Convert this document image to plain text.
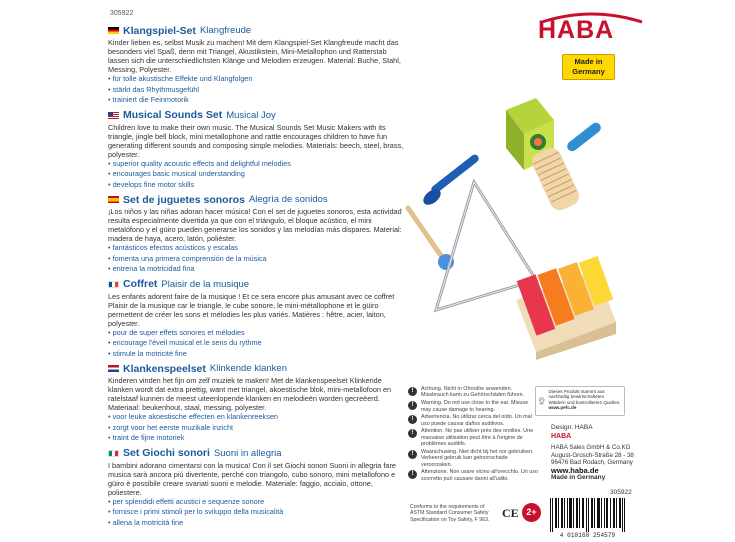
305922
Klangspiel-Set Klangfreude
Kinder lieben es, selbst Musik zu machen! Mit dem Klangspiel-Set Klangfreude macht das besonders viel Spaß, denn mit Triangel, Akustikstein, Mini-Metallophon und Ratterstab lassen sich die unterschiedlichsten Klänge und Melodien erzeugen. Material: Buche, Stahl, Messing, Polyester.
• für tolle akustische Effekte und Klangfolgen
• stärkt das Rhythmusgefühl
• trainiert die Feinmotorik
Musical Sounds Set Musical Joy
Children love to make their own music. The Musical Sounds Set Music Makers with its triangle, jingle bell block, mini metallophone and rattle encourages children to have fun generating different sounds and composing simple melodies. Materials: beech, steel, brass, polyester.
• superior quality acoustic effects and delightful melodies
• encourages basic musical understanding
• develops fine motor skills
Set de juguetes sonoros Alegría de sonidos
¡Los niños y las niñas adoran hacer música! Con el set de juguetes sonoros, esta actividad resulta especialmente divertida ya que con el triángulo, el bloque acústico, el mini metalófono y el güiro pueden generarse los sonidos y las melodías más dispares. Material: madera de haya, acero, latón, poliéster.
• fantásticos efectos acústicos y escalas
• fomenta una primera comprensión de la música
• entrena la motricidad fina
Coffret Plaisir de la musique
Les enfants adorent faire de la musique ! Et ce sera encore plus amusant avec ce coffret Plaisir de la musique car le triangle, le cube sonore, le mini-métallophone et le güiro permettent de créer les sons et mélodies les plus variés. Matières : hêtre, acier, laiton, polyester.
• pour de super effets sonores et mélodies
• encourage l'éveil musical et le sens du rythme
• stimule la motricité fine
Klankenspeelset Klinkende klanken
Kinderen vinden het fijn om zelf muziek te maken! Met de klankenspeelset Klinkende klanken wordt dat extra prettig, want met triangel, akoestische blok, mini-metallofoon en ratelstaaf kunnen de meest uiteenlopende klanken en melodieën worden gecreëerd. Materiaal: beukenhout, staal, messing, polyester.
• voor leuke akoestische effecten en klankenreeksen
• zorgt voor het eerste muzikale inzicht
• traint de fijne motoriek
Set Giochi sonori Suoni in allegria
I bambini adorano cimentarsi con la musica! Con il set Giochi sonori Suoni in allegria fare musica sarà ancora più divertente, perché con triangolo, cubo sonoro, mini metallofono e güiro è possibile creare svariati suoni e melodie. Materiale: faggio, acciaio, ottone, poliestere.
• per splendidi effetti acustici e sequenze sonore
• fornisce i primi stimoli per lo sviluppo della musicalità
• allena la motricità fine
HABA
Made in
Germany
!	Achtung. Nicht in Ohrnähe anwenden. Missbrauch kann zu Gehörschäden führen.
!	Warning. Do not use close to the ear. Misuse may cause damage to hearing.
!	Advertencia. No utilizar cerca del oído. Un mal uso puede causar daños auditivos.
!	Attention. Ne pas utiliser près des oreilles. Une mauvaise utilisation peut être à l'origine de problèmes auditifs.
!	Waarschuwing. Niet dicht bij het oor gebruiken. Verkeerd gebruik kan gehoorschade veroorzaken.
!	Attenzione. Non usare vicino all'orecchio. Un uso scorretto può causare danni all'udito.
PEFC
Dieses Produkt stammt aus nachhaltig bewirtschafteten Wäldern und kontrollierten Quellen. www.pefc.de
Design: HABA
HABA
HABA Sales GmbH & Co.KG
August-Grosch-Straße 28 - 38
96476 Bad Rodach, Germany
www.haba.de
Made in Germany
Conforms to the requirements of ASTM Standard Consumer Safety Specification on Toy Safety, F 963.	CE 2+
305922
4 010168 254579
